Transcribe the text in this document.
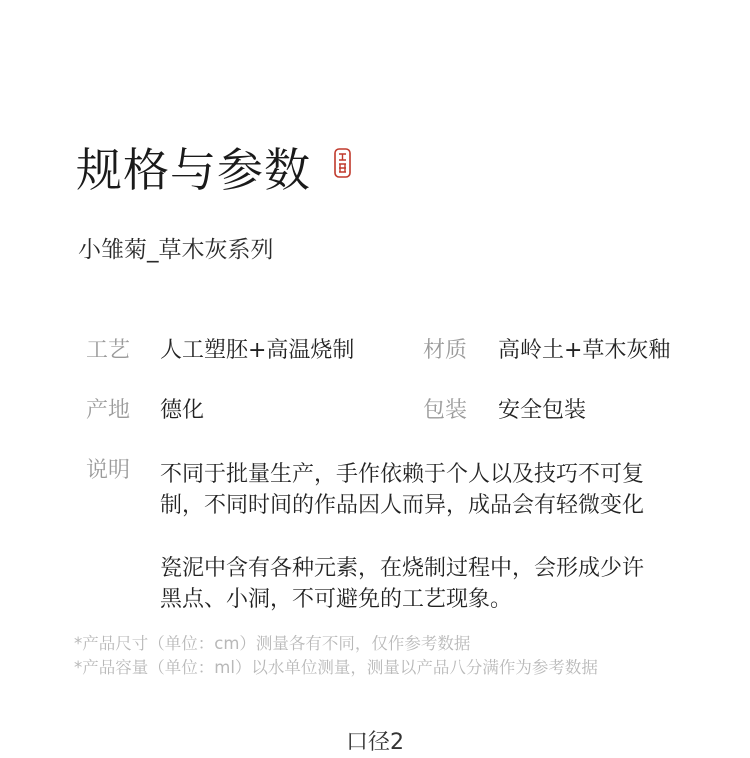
规格与参数
小雏菊_草木灰系列
工艺 人工塑胚+高温烧制	材质 高岭土+草木灰釉
产地 德化	包装 安全包装
说明 不同于批量生产，手作依赖于个人以及技巧不可复
制，不同时间的作品因人而异，成品会有轻微变化
瓷泥中含有各种元素，在烧制过程中，会形成少许
黑点、小洞，不可避免的工艺现象。
*产品尺寸（单位：cm）测量各有不同，仅作参考数据
*产品容量（单位：ml）以水单位测量，测量以产品八分满作为参考数据
口径2
